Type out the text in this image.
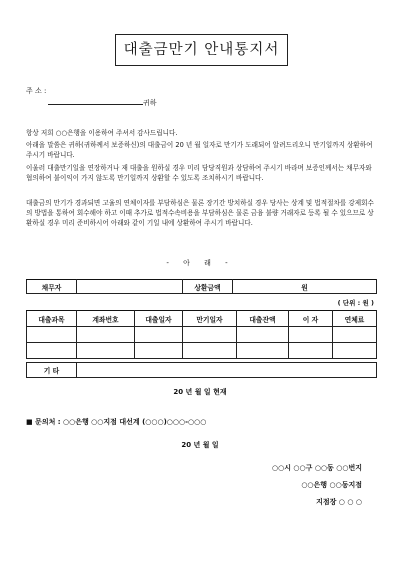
대출금만기 안내통지서
주 소 :
귀하
항상 저희 ○○은행을 이용하여 주셔서 감사드립니다.
아래을 말씀은 귀하(귀하께서 보증하신)의 대출금이 20 년 월 일자로 만기가 도래되어 알려드리오니 만기일까지 상환하여 주시기 바랍니다.
이울러 대출만기일을 연장하거나 재 대출을 원하실 경우 미리 담당직원과 상담하여 주시기 바라며 보증인께서는 채무자와 협의하여 불이익이 가지 않도록 만기일까지 상환할 수 있도록 조치하시기 바랍니다.
대출금의 만기가 경과되면 고율의 연체이자를 부담하심은 물론 장기간 방치하실 경우 당사는 상계 및 법적절차를 강제회수의 방법을 통하여 회수해야 하고 이때 추가로 법적수속비용을 부담하심은 물론 금융 불량 거래자로 등록 될 수 있으므로 상환하실 경우 미리 준비하시어 아래와 같이 기일 내에 상환하여 주시기 바랍니다.
- 아 래 -
채무자		상환금액	원
( 단위 : 원 )
대출과목	계좌번호	대출일자	만기일자	대출잔액	이 자	연체료

기 타	
20 년 월 일 현재
■ 문의처 : ○○은행 ○○지점 대선계 (○○○)○○○-○○○
20 년 월 일
○○시 ○○구 ○○동 ○○번지
○○은행 ○○동지점
지점장 ○ ○ ○
